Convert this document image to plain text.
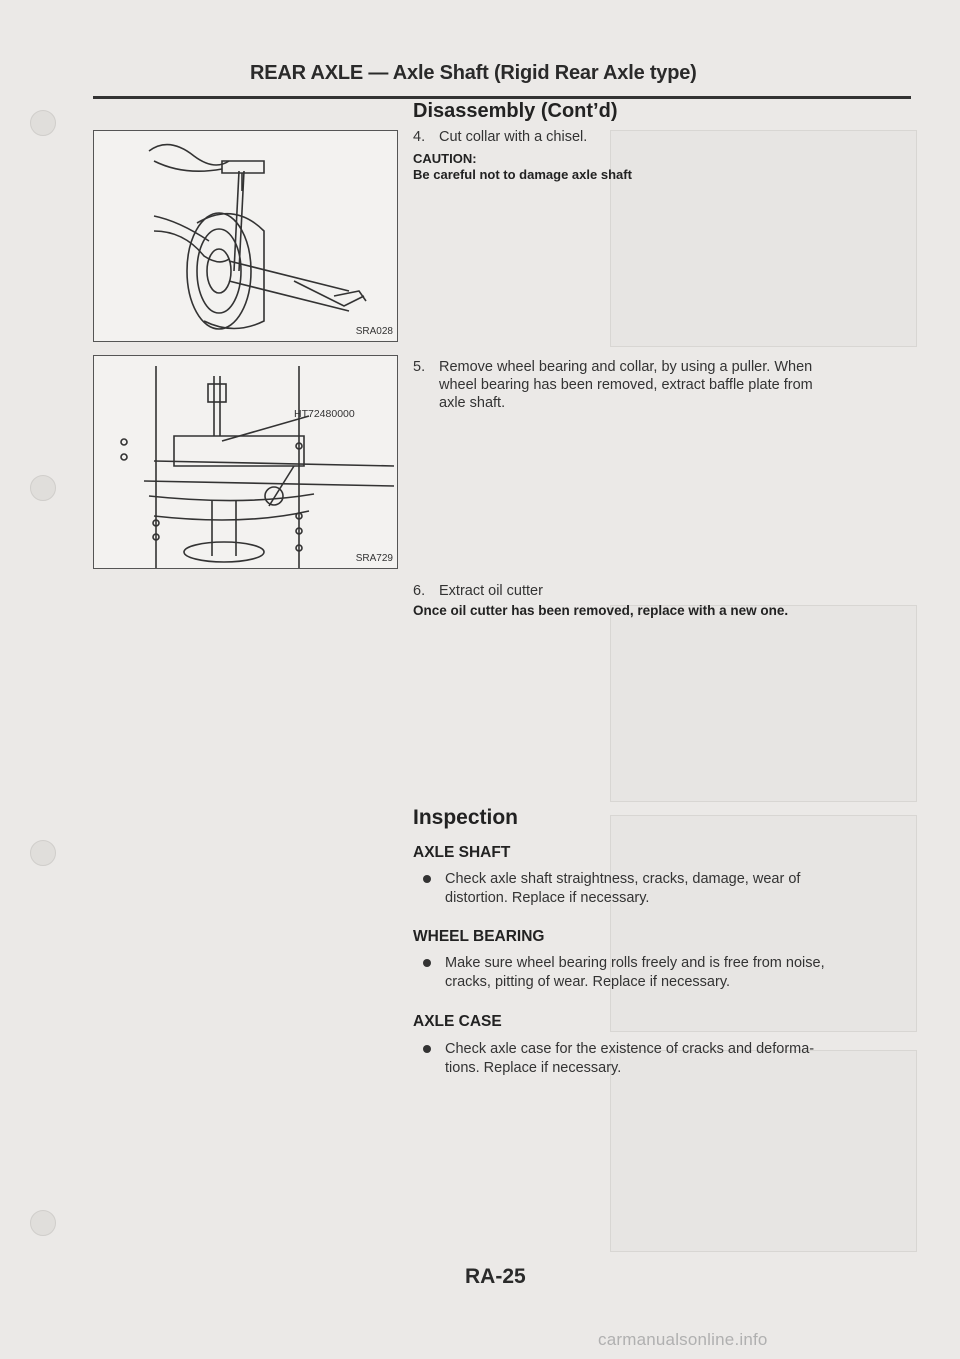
REAR AXLE — Axle Shaft (Rigid Rear Axle type)
Disassembly (Cont’d)
SRA028
4. Cut collar with a chisel.
CAUTION:
Be careful not to damage axle shaft
HT72480000
SRA729
5. Remove wheel bearing and collar, by using a puller. When
wheel bearing has been removed, extract baffle plate from
axle shaft.
6. Extract oil cutter
Once oil cutter has been removed, replace with a new one.
Inspection
AXLE SHAFT
Check axle shaft straightness, cracks, damage, wear of
distortion. Replace if necessary.
WHEEL BEARING
Make sure wheel bearing rolls freely and is free from noise,
cracks, pitting of wear. Replace if necessary.
AXLE CASE
Check axle case for the existence of cracks and deforma-
tions. Replace if necessary.
RA-25
carmanualsonline.info
